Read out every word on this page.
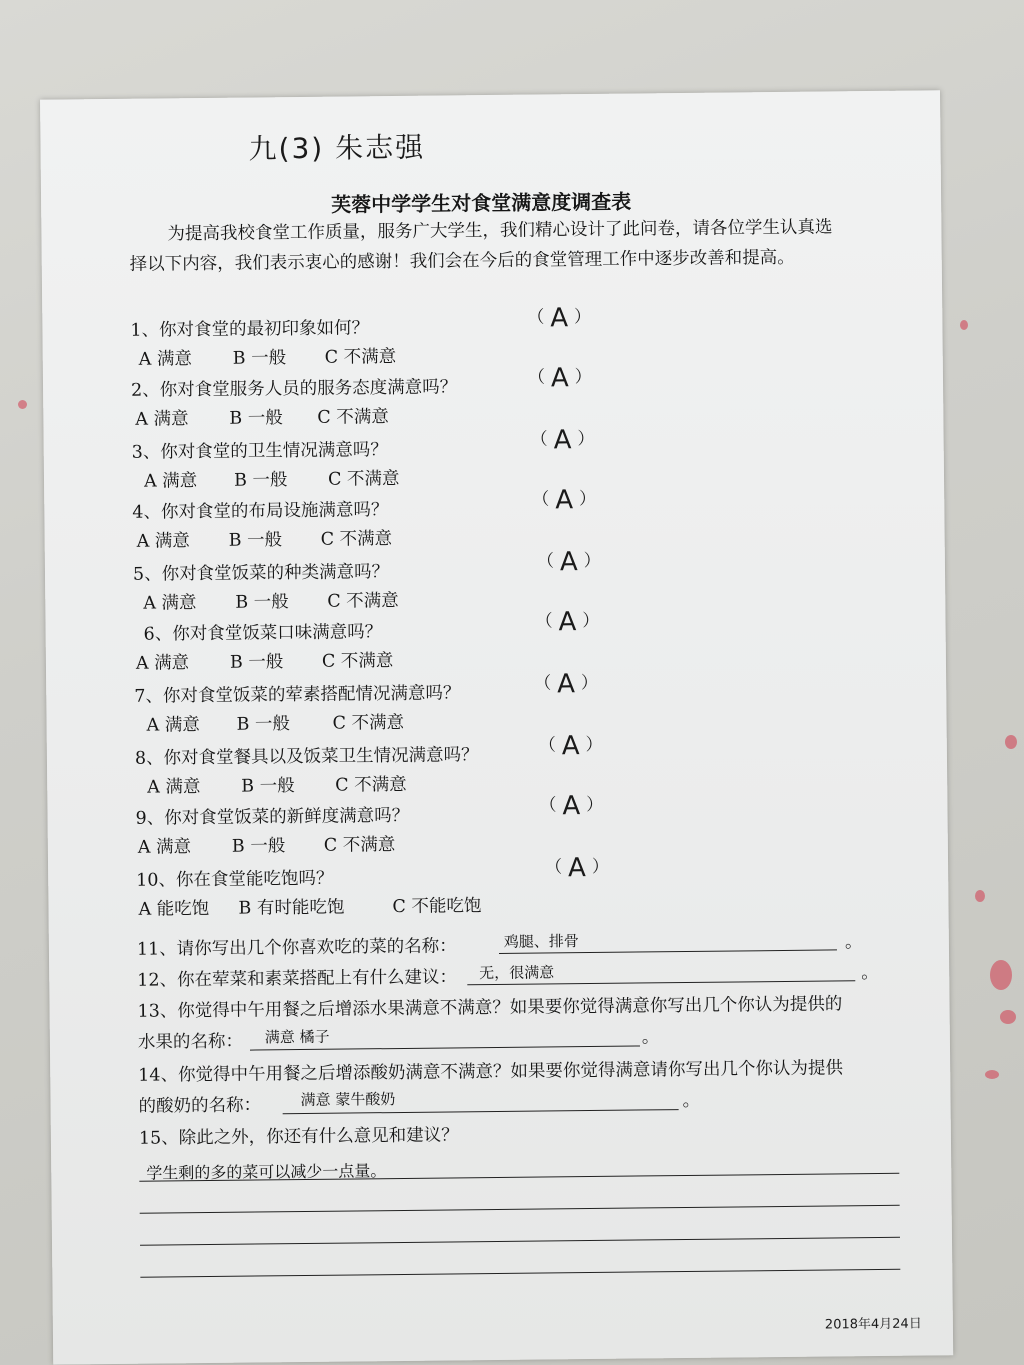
九(3) 朱志强
芙蓉中学学生对食堂满意度调查表
为提高我校食堂工作质量，服务广大学生，我们精心设计了此问卷，请各位学生认真选
择以下内容，我们表示衷心的感谢！我们会在今后的食堂管理工作中逐步改善和提高。
1、你对食堂的最初印象如何？
（ A ）
A 满意 B 一般 C 不满意
2、你对食堂服务人员的服务态度满意吗？	（ A ）
A 满意 B 一般 C 不满意
3、你对食堂的卫生情况满意吗？
（ A ）
A 满意 B 一般 C 不满意
4、你对食堂的布局设施满意吗？
（ A ）
A 满意 B 一般 C 不满意
5、你对食堂饭菜的种类满意吗？
（ A ）
A 满意 B 一般 C 不满意
6、你对食堂饭菜口味满意吗？
（ A ）
A 满意 B 一般 C 不满意
7、你对食堂饭菜的荤素搭配情况满意吗？	（ A ）
A 满意 B 一般 C 不满意
8、你对食堂餐具以及饭菜卫生情况满意吗？	（ A ）
A 满意 B 一般 C 不满意
9、你对食堂饭菜的新鲜度满意吗？
（ A ）
A 满意 B 一般 C 不满意
10、你在食堂能吃饱吗？
（ A ）
A 能吃饱 B 有时能吃饱	C 不能吃饱
11、请你写出几个你喜欢吃的菜的名称：	鸡腿、排骨	。
12、你在荤菜和素菜搭配上有什么建议： 无，很满意	。
13、你觉得中午用餐之后增添水果满意不满意？如果要你觉得满意你写出几个你认为提供的
水果的名称： 满意 橘子	。
14、你觉得中午用餐之后增添酸奶满意不满意？如果要你觉得满意请你写出几个你认为提供
的酸奶的名称：	满意 蒙牛酸奶	。
15、除此之外，你还有什么意见和建议？
学生剩的多的菜可以减少一点量。
2018年4月24日
